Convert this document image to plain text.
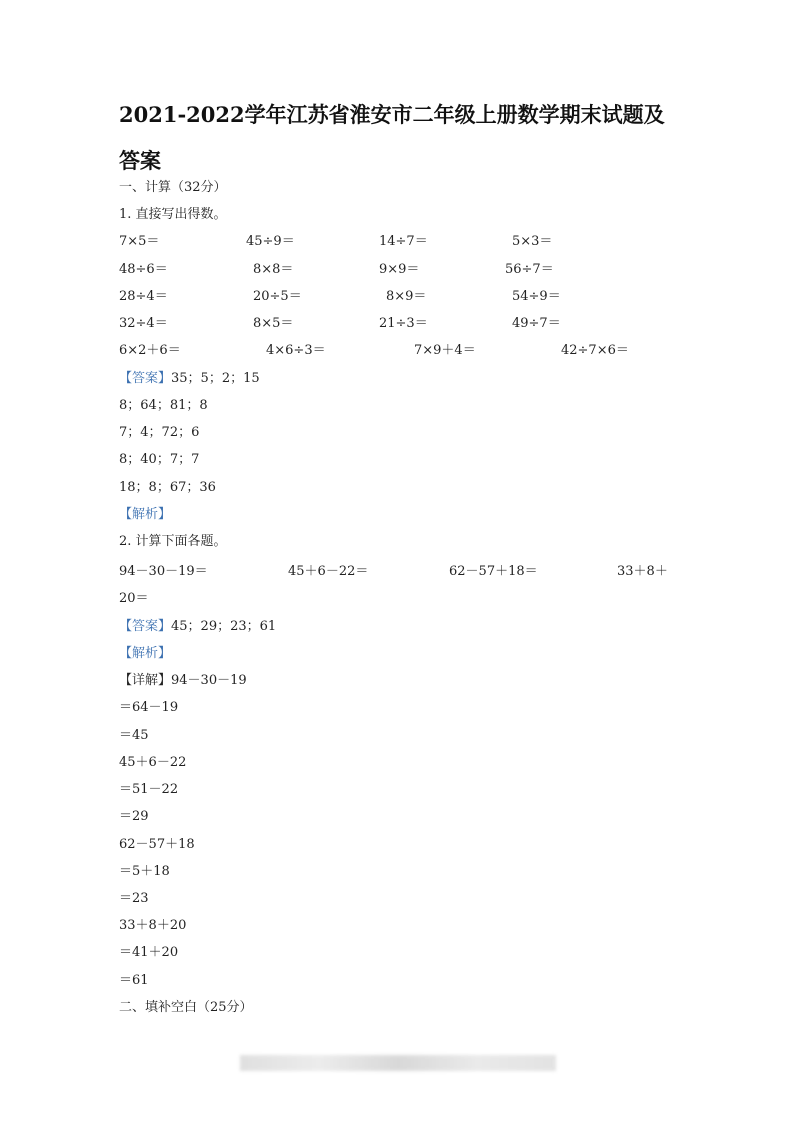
2021-2022学年江苏省淮安市二年级上册数学期末试题及答案
一、计算（32分）
1. 直接写出得数。
7×5＝	45÷9＝	14÷7＝	5×3＝
48÷6＝	8×8＝	9×9＝	56÷7＝
28÷4＝	20÷5＝	8×9＝	54÷9＝
32÷4＝	8×5＝	21÷3＝	49÷7＝
6×2＋6＝	4×6÷3＝	7×9＋4＝	42÷7×6＝
【答案】35；5；2；15
8；64；81；8
7；4；72；6
8；40；7；7
18；8；67；36
【解析】
2. 计算下面各题。
94－30－19＝	45＋6－22＝	62－57＋18＝	33＋8＋
20＝
【答案】45；29；23；61
【解析】
【详解】94－30－19
＝64－19
＝45
45＋6－22
＝51－22
＝29
62－57＋18
＝5＋18
＝23
33＋8＋20
＝41＋20
＝61
二、填补空白（25分）
